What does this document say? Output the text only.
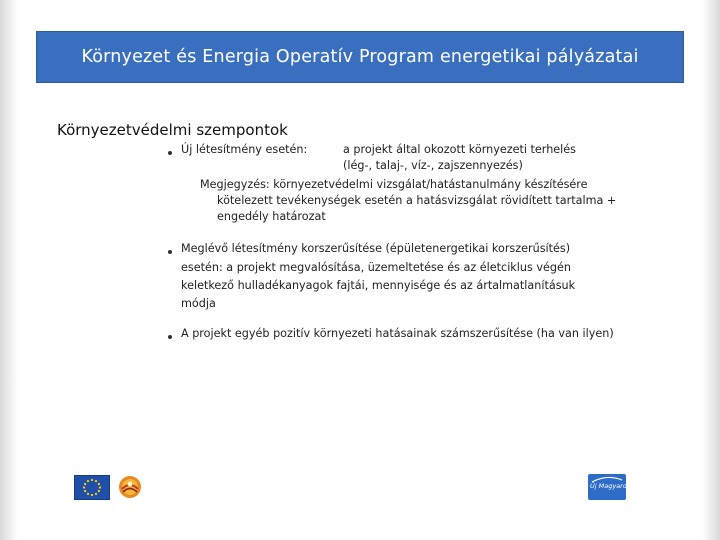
Környezet és Energia Operatív Program energetikai pályázatai
Környezetvédelmi szempontok
Új létesítmény esetén:	a projekt által okozott környezeti terhelés
(lég-, talaj-, víz-, zajszennyezés)
Megjegyzés: környezetvédelmi vizsgálat/hatástanulmány készítésére
kötelezett tevékenységek esetén a hatásvizsgálat rövidített tartalma +
engedély határozat
Meglévő létesítmény korszerűsítése (épületenergetikai korszerűsítés)
esetén: a projekt megvalósítása, üzemeltetése és az életciklus végén
keletkező hulladékanyagok fajtái, mennyisége és az ártalmatlanításuk
módja
A projekt egyéb pozitív környezeti hatásainak számszerűsítése (ha van ilyen)
Új Magyarország
